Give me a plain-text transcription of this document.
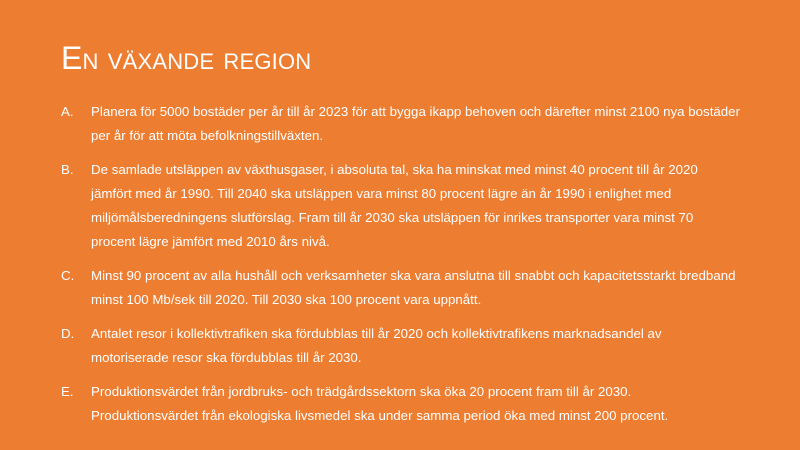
En växande region
A.	Planera för 5000 bostäder per år till år 2023 för att bygga ikapp behoven och därefter minst 2100 nya bostäder per år för att möta befolkningstillväxten.
B.	De samlade utsläppen av växthusgaser, i absoluta tal, ska ha minskat med minst 40 procent till år 2020 jämfört med år 1990. Till 2040 ska utsläppen vara minst 80 procent lägre än år 1990 i enlighet med miljömålsberedningens slutförslag. Fram till år 2030 ska utsläppen för inrikes transporter vara minst 70 procent lägre jämfört med 2010 års nivå.
C.	Minst 90 procent av alla hushåll och verksamheter ska vara anslutna till snabbt och kapacitetsstarkt bredband minst 100 Mb/sek till 2020. Till 2030 ska 100 procent vara uppnått.
D.	Antalet resor i kollektivtrafiken ska fördubblas till år 2020 och kollektivtrafikens marknadsandel av motoriserade resor ska fördubblas till år 2030.
E.	Produktionsvärdet från jordbruks- och trädgårdssektorn ska öka 20 procent fram till år 2030. Produktionsvärdet från ekologiska livsmedel ska under samma period öka med minst 200 procent.
